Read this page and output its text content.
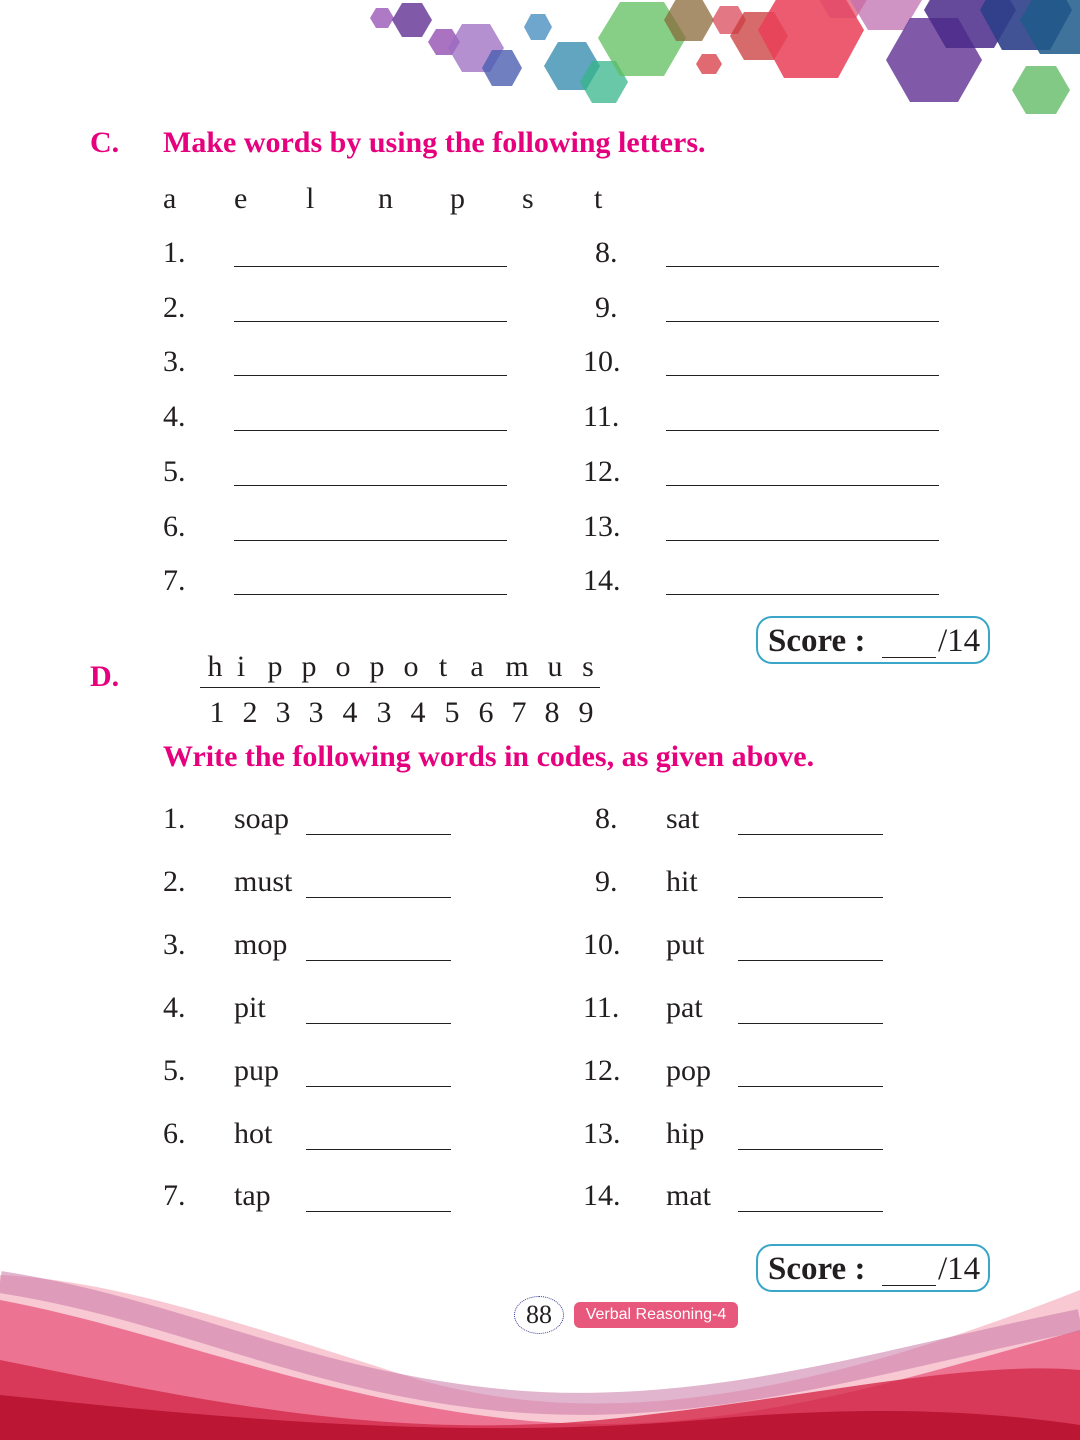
C. Make words by using the following letters.
a e l n p s t
1.	8.
2.	9.
3.	10.
4.	11.
5.	12.
6.	13.
7.	14.
Score : /14
D.	h i p p o p o t a m u s
1 2 3 3 4 3 4 5 6 7 8 9
Write the following words in codes, as given above.
1. soap	8. sat
2. must	9. hit
3. mop	10. put
4. pit	11. pat
5. pup	12. pop
6. hot	13. hip
7. tap	14. mat
Score : /14
88	Verbal Reasoning-4
